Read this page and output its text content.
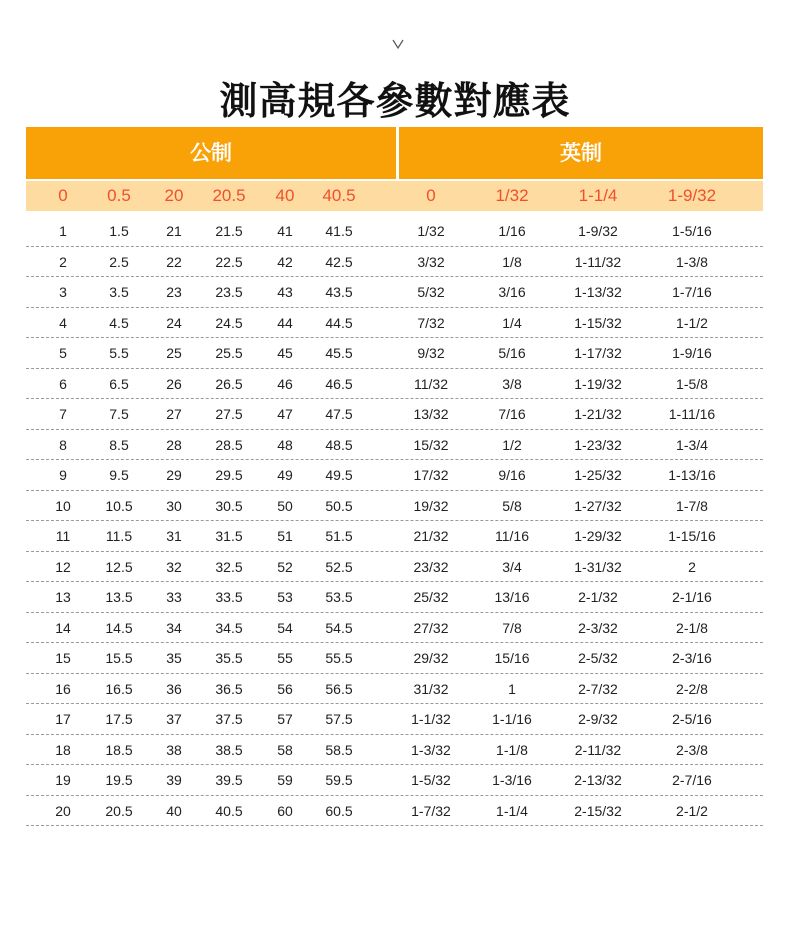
測高規各參數對應表
公制	英制
0	0.5	20	20.5	40	40.5	0	1/32	1-1/4	1-9/32
1	1.5	21	21.5	41	41.5	1/32	1/16	1-9/32	1-5/16
2	2.5	22	22.5	42	42.5	3/32	1/8	1-11/32	1-3/8
3	3.5	23	23.5	43	43.5	5/32	3/16	1-13/32	1-7/16
4	4.5	24	24.5	44	44.5	7/32	1/4	1-15/32	1-1/2
5	5.5	25	25.5	45	45.5	9/32	5/16	1-17/32	1-9/16
6	6.5	26	26.5	46	46.5	11/32	3/8	1-19/32	1-5/8
7	7.5	27	27.5	47	47.5	13/32	7/16	1-21/32	1-11/16
8	8.5	28	28.5	48	48.5	15/32	1/2	1-23/32	1-3/4
9	9.5	29	29.5	49	49.5	17/32	9/16	1-25/32	1-13/16
10	10.5	30	30.5	50	50.5	19/32	5/8	1-27/32	1-7/8
11	11.5	31	31.5	51	51.5	21/32	11/16	1-29/32	1-15/16
12	12.5	32	32.5	52	52.5	23/32	3/4	1-31/32	2
13	13.5	33	33.5	53	53.5	25/32	13/16	2-1/32	2-1/16
14	14.5	34	34.5	54	54.5	27/32	7/8	2-3/32	2-1/8
15	15.5	35	35.5	55	55.5	29/32	15/16	2-5/32	2-3/16
16	16.5	36	36.5	56	56.5	31/32	1	2-7/32	2-2/8
17	17.5	37	37.5	57	57.5	1-1/32	1-1/16	2-9/32	2-5/16
18	18.5	38	38.5	58	58.5	1-3/32	1-1/8	2-11/32	2-3/8
19	19.5	39	39.5	59	59.5	1-5/32	1-3/16	2-13/32	2-7/16
20	20.5	40	40.5	60	60.5	1-7/32	1-1/4	2-15/32	2-1/2
